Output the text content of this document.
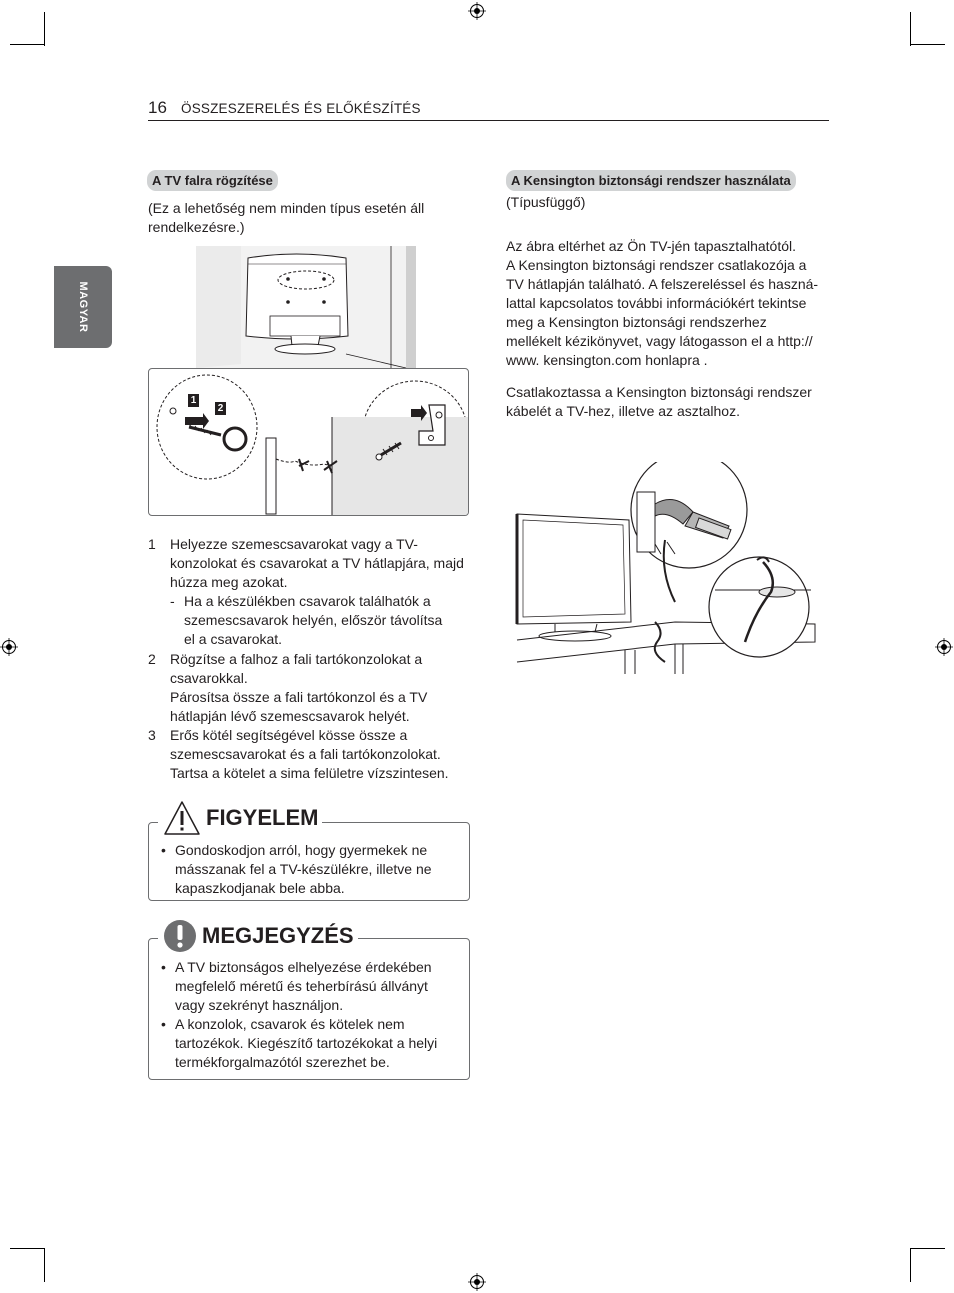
16 ÖSSZESZERELÉS ÉS ELŐKÉSZÍTÉS
MAGYAR
A TV falra rögzítése
(Ez a lehetőség nem minden típus esetén áll
rendelkezésre.)
1
2
1 Helyezze szemescsavarokat vagy a TV-
konzolokat és csavarokat a TV hátlapjára, majd
húzza meg azokat.
- Ha a készülékben csavarok találhatók a
szemescsavarok helyén, először távolítsa
el a csavarokat.
2 Rögzítse a falhoz a fali tartókonzolokat a
csavarokkal.
Párosítsa össze a fali tartókonzol és a TV
hátlapján lévő szemescsavarok helyét.
3 Erős kötél segítségével kösse össze a
szemescsavarokat és a fali tartókonzolokat.
Tartsa a kötelet a sima felületre vízszintesen.
FIGYELEM
• Gondoskodjon arról, hogy gyermekek ne
másszanak fel a TV-készülékre, illetve ne
kapaszkodjanak bele abba.
MEGJEGYZÉS
• A TV biztonságos elhelyezése érdekében
megfelelő méretű és teherbírású állványt
vagy szekrényt használjon.
• A konzolok, csavarok és kötelek nem
tartozékok. Kiegészítő tartozékokat a helyi
termékforgalmazótól szerezhet be.
A Kensington biztonsági rendszer használata
(Típusfüggő)
Az ábra eltérhet az Ön TV-jén tapasztalhatótól.
A Kensington biztonsági rendszer csatlakozója a
TV hátlapján található. A felszereléssel és haszná-
lattal kapcsolatos további információkért tekintse
meg a Kensington biztonsági rendszerhez
mellékelt kézikönyvet, vagy látogasson el a http://
www. kensington.com honlapra .
Csatlakoztassa a Kensington biztonsági rendszer
kábelét a TV-hez, illetve az asztalhoz.
